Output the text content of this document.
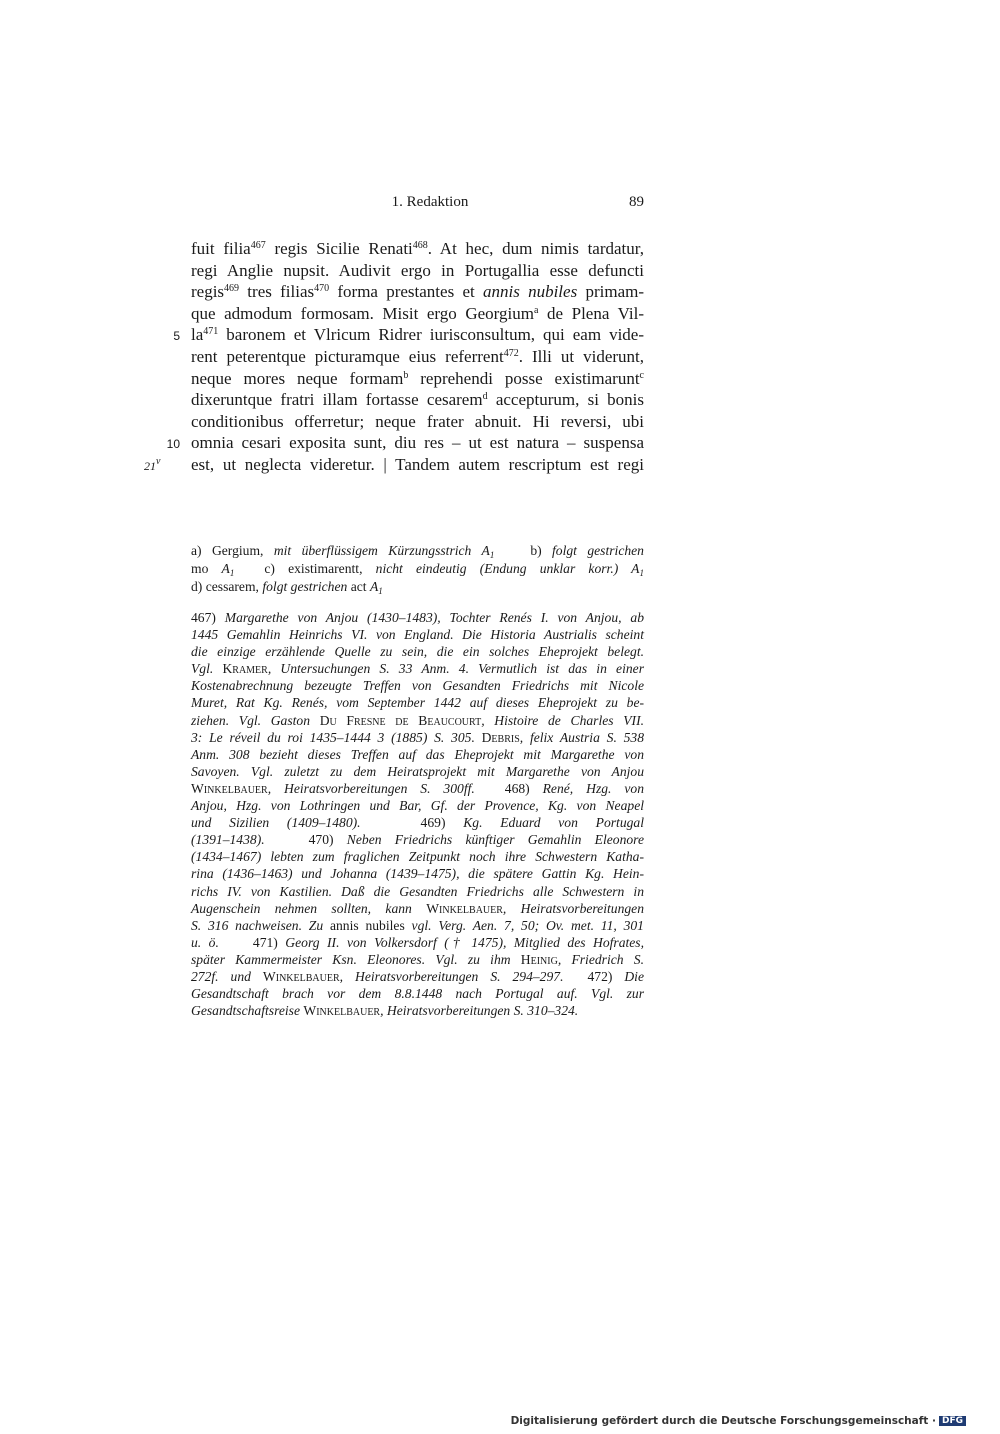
1. Redaktion	89
5
10
21$^v$
fuit filia$^{467}$ regis Sicilie Renati$^{468}$. At hec, dum nimis tardatur,
regi Anglie nupsit. Audivit ergo in Portugallia esse defuncti
regis$^{469}$ tres filias$^{470}$ forma prestantes et annis nubiles primam-
que admodum formosam. Misit ergo Georgium$^a$ de Plena Vil-
$la^{471}$ baronem et Vlricum Ridrer iurisconsultum, qui eam vide-
rent peterentque picturamque eius referrent$^{472}$. Illi ut viderunt,
neque mores neque formam$^b$ reprehendi posse existimarunt$^c$
dixeruntque fratri illam fortasse cesarem$^d$ accepturum, si bonis
conditionibus offerretur; neque frater abnuit. Hi reversi, ubi
omnia cesari exposita sunt, diu res – ut est natura – suspensa
est, ut neglecta videretur. | Tandem autem rescriptum est regi
a) Gergium, mit überflüssigem Kürzungsstrich $A_1$	b) folgt gestrichen
mo $A_1$ c) existimarentt, nicht eindeutig (Endung unklar korr.) $A_1$
d) cessarem, folgt gestrichen act $A_1$
467) Margarethe von Anjou (1430–1483), Tochter Renés I. von Anjou, ab
1445 Gemahlin Heinrichs VI. von England. Die Historia Austrialis scheint
die einzige erzählende Quelle zu sein, die ein solches Eheprojekt belegt.
Vgl. Kramer, Untersuchungen S. 33 Anm. 4. Vermutlich ist das in einer
Kostenabrechnung bezeugte Treffen von Gesandten Friedrichs mit Nicole
Muret, Rat Kg. Renés, vom September 1442 auf dieses Eheprojekt zu be-
ziehen. Vgl. Gaston Du Fresne de Beaucourt, Histoire de Charles VII.
3: Le réveil du roi 1435–1444 3 (1885) S. 305. Debris, felix Austria S. 538
Anm. 308 bezieht dieses Treffen auf das Eheprojekt mit Margarethe von
Savoyen. Vgl. zuletzt zu dem Heiratsprojekt mit Margarethe von Anjou
Winkelbauer, Heiratsvorbereitungen S. 300ff. 468) René, Hzg. von
Anjou, Hzg. von Lothringen und Bar, Gf. der Provence, Kg. von Neapel
und Sizilien (1409–1480).	469) Kg. Eduard von Portugal
(1391–1438).	470) Neben Friedrichs künftiger Gemahlin Eleonore
(1434–1467) lebten zum fraglichen Zeitpunkt noch ihre Schwestern Katha-
rina (1436–1463) und Johanna (1439–1475), die spätere Gattin Kg. Hein-
richs IV. von Kastilien. Daß die Gesandten Friedrichs alle Schwestern in
Augenschein nehmen sollten, kann Winkelbauer, Heiratsvorbereitungen
S. 316 nachweisen. Zu annis nubiles vgl. Verg. Aen. 7, 50; Ov. met. 11, 301
u. ö.	471) Georg II. von Volkersdorf († 1475), Mitglied des Hofrates,
später Kammermeister Ksn. Eleonores. Vgl. zu ihm Heinig, Friedrich S.
272f. und Winkelbauer, Heiratsvorbereitungen S. 294–297. 472) Die
Gesandtschaft brach vor dem 8.8.1448 nach Portugal auf. Vgl. zur
Gesandtschaftsreise Winkelbauer, Heiratsvorbereitungen S. 310–324.
Digitalisierung gefördert durch die Deutsche Forschungsgemeinschaft · DFG
